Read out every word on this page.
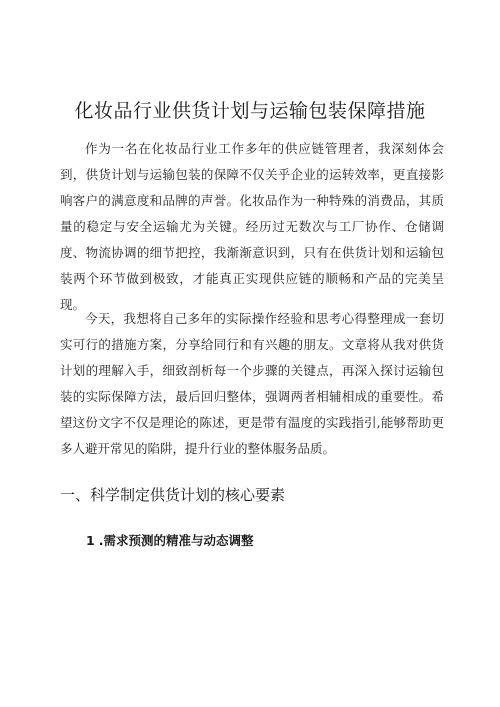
化妆品行业供货计划与运输包装保障措施

作为一名在化妆品行业工作多年的供应链管理者，我深刻体会到，供货计划与运输包装的保障不仅关乎企业的运转效率，更直接影响客户的满意度和品牌的声誉。化妆品作为一种特殊的消费品，其质量的稳定与安全运输尤为关键。经历过无数次与工厂协作、仓储调度、物流协调的细节把控，我渐渐意识到，只有在供货计划和运输包装两个环节做到极致，才能真正实现供应链的顺畅和产品的完美呈现。

今天，我想将自己多年的实际操作经验和思考心得整理成一套切实可行的措施方案，分享给同行和有兴趣的朋友。文章将从我对供货计划的理解入手，细致剖析每一个步骤的关键点，再深入探讨运输包装的实际保障方法，最后回归整体，强调两者相辅相成的重要性。希望这份文字不仅是理论的陈述，更是带有温度的实践指引,能够帮助更多人避开常见的陷阱，提升行业的整体服务品质。

一、科学制定供货计划的核心要素
1 .需求预测的精准与动态调整
